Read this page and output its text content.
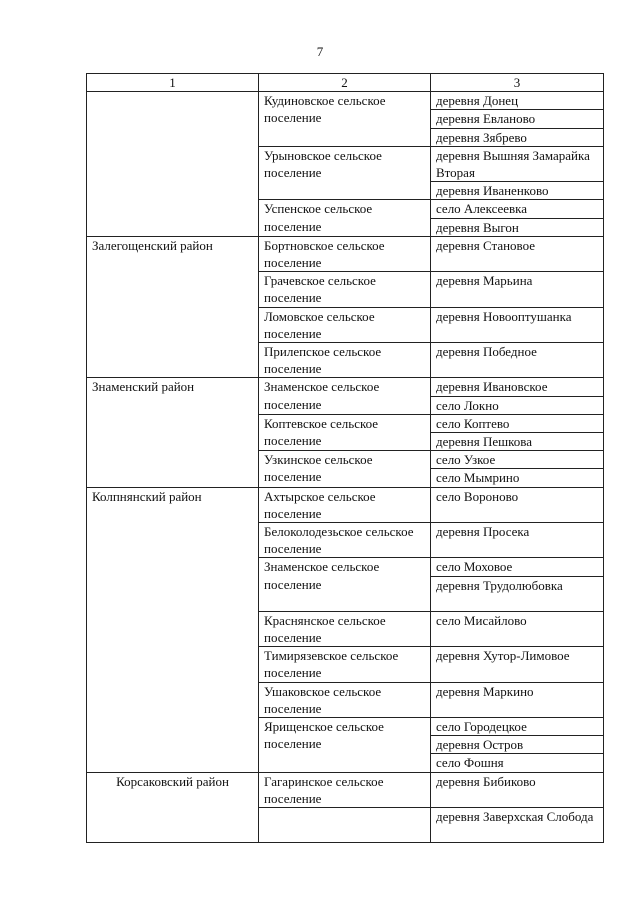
7
1	2	3
	Кудиновское сельское поселение	деревня Донец
		деревня Евланово
		деревня Зябрево
	Урыновское сельское поселение	деревня Вышняя Замарайка Вторая
		деревня Иваненково
	Успенское сельское поселение	село Алексеевка
		деревня Выгон
Залегощенский район	Бортновское сельское поселение	деревня Становое
	Грачевское сельское поселение	деревня Марьина
	Ломовское сельское поселение	деревня Новооптушанка
	Прилепское сельское поселение	деревня Победное
Знаменский район	Знаменское сельское поселение	деревня Ивановское
		село Локно
	Коптевское сельское поселение	село Коптево
		деревня Пешкова
	Узкинское сельское поселение	село Узкое
		село Мымрино
Колпнянский район	Ахтырское сельское поселение	село Вороново
	Белоколодезьское сельское поселение	деревня Просека
	Знаменское сельское поселение	село Моховое
		деревня Трудолюбовка
	Краснянское сельское поселение	село Мисайлово
	Тимирязевское сельское поселение	деревня Хутор-Лимовое
	Ушаковское сельское поселение	деревня Маркино
	Ярищенское сельское поселение	село Городецкое
		деревня Остров
		село Фошня
Корсаковский район	Гагаринское сельское поселение	деревня Бибиково
		деревня Заверхская Слобода
